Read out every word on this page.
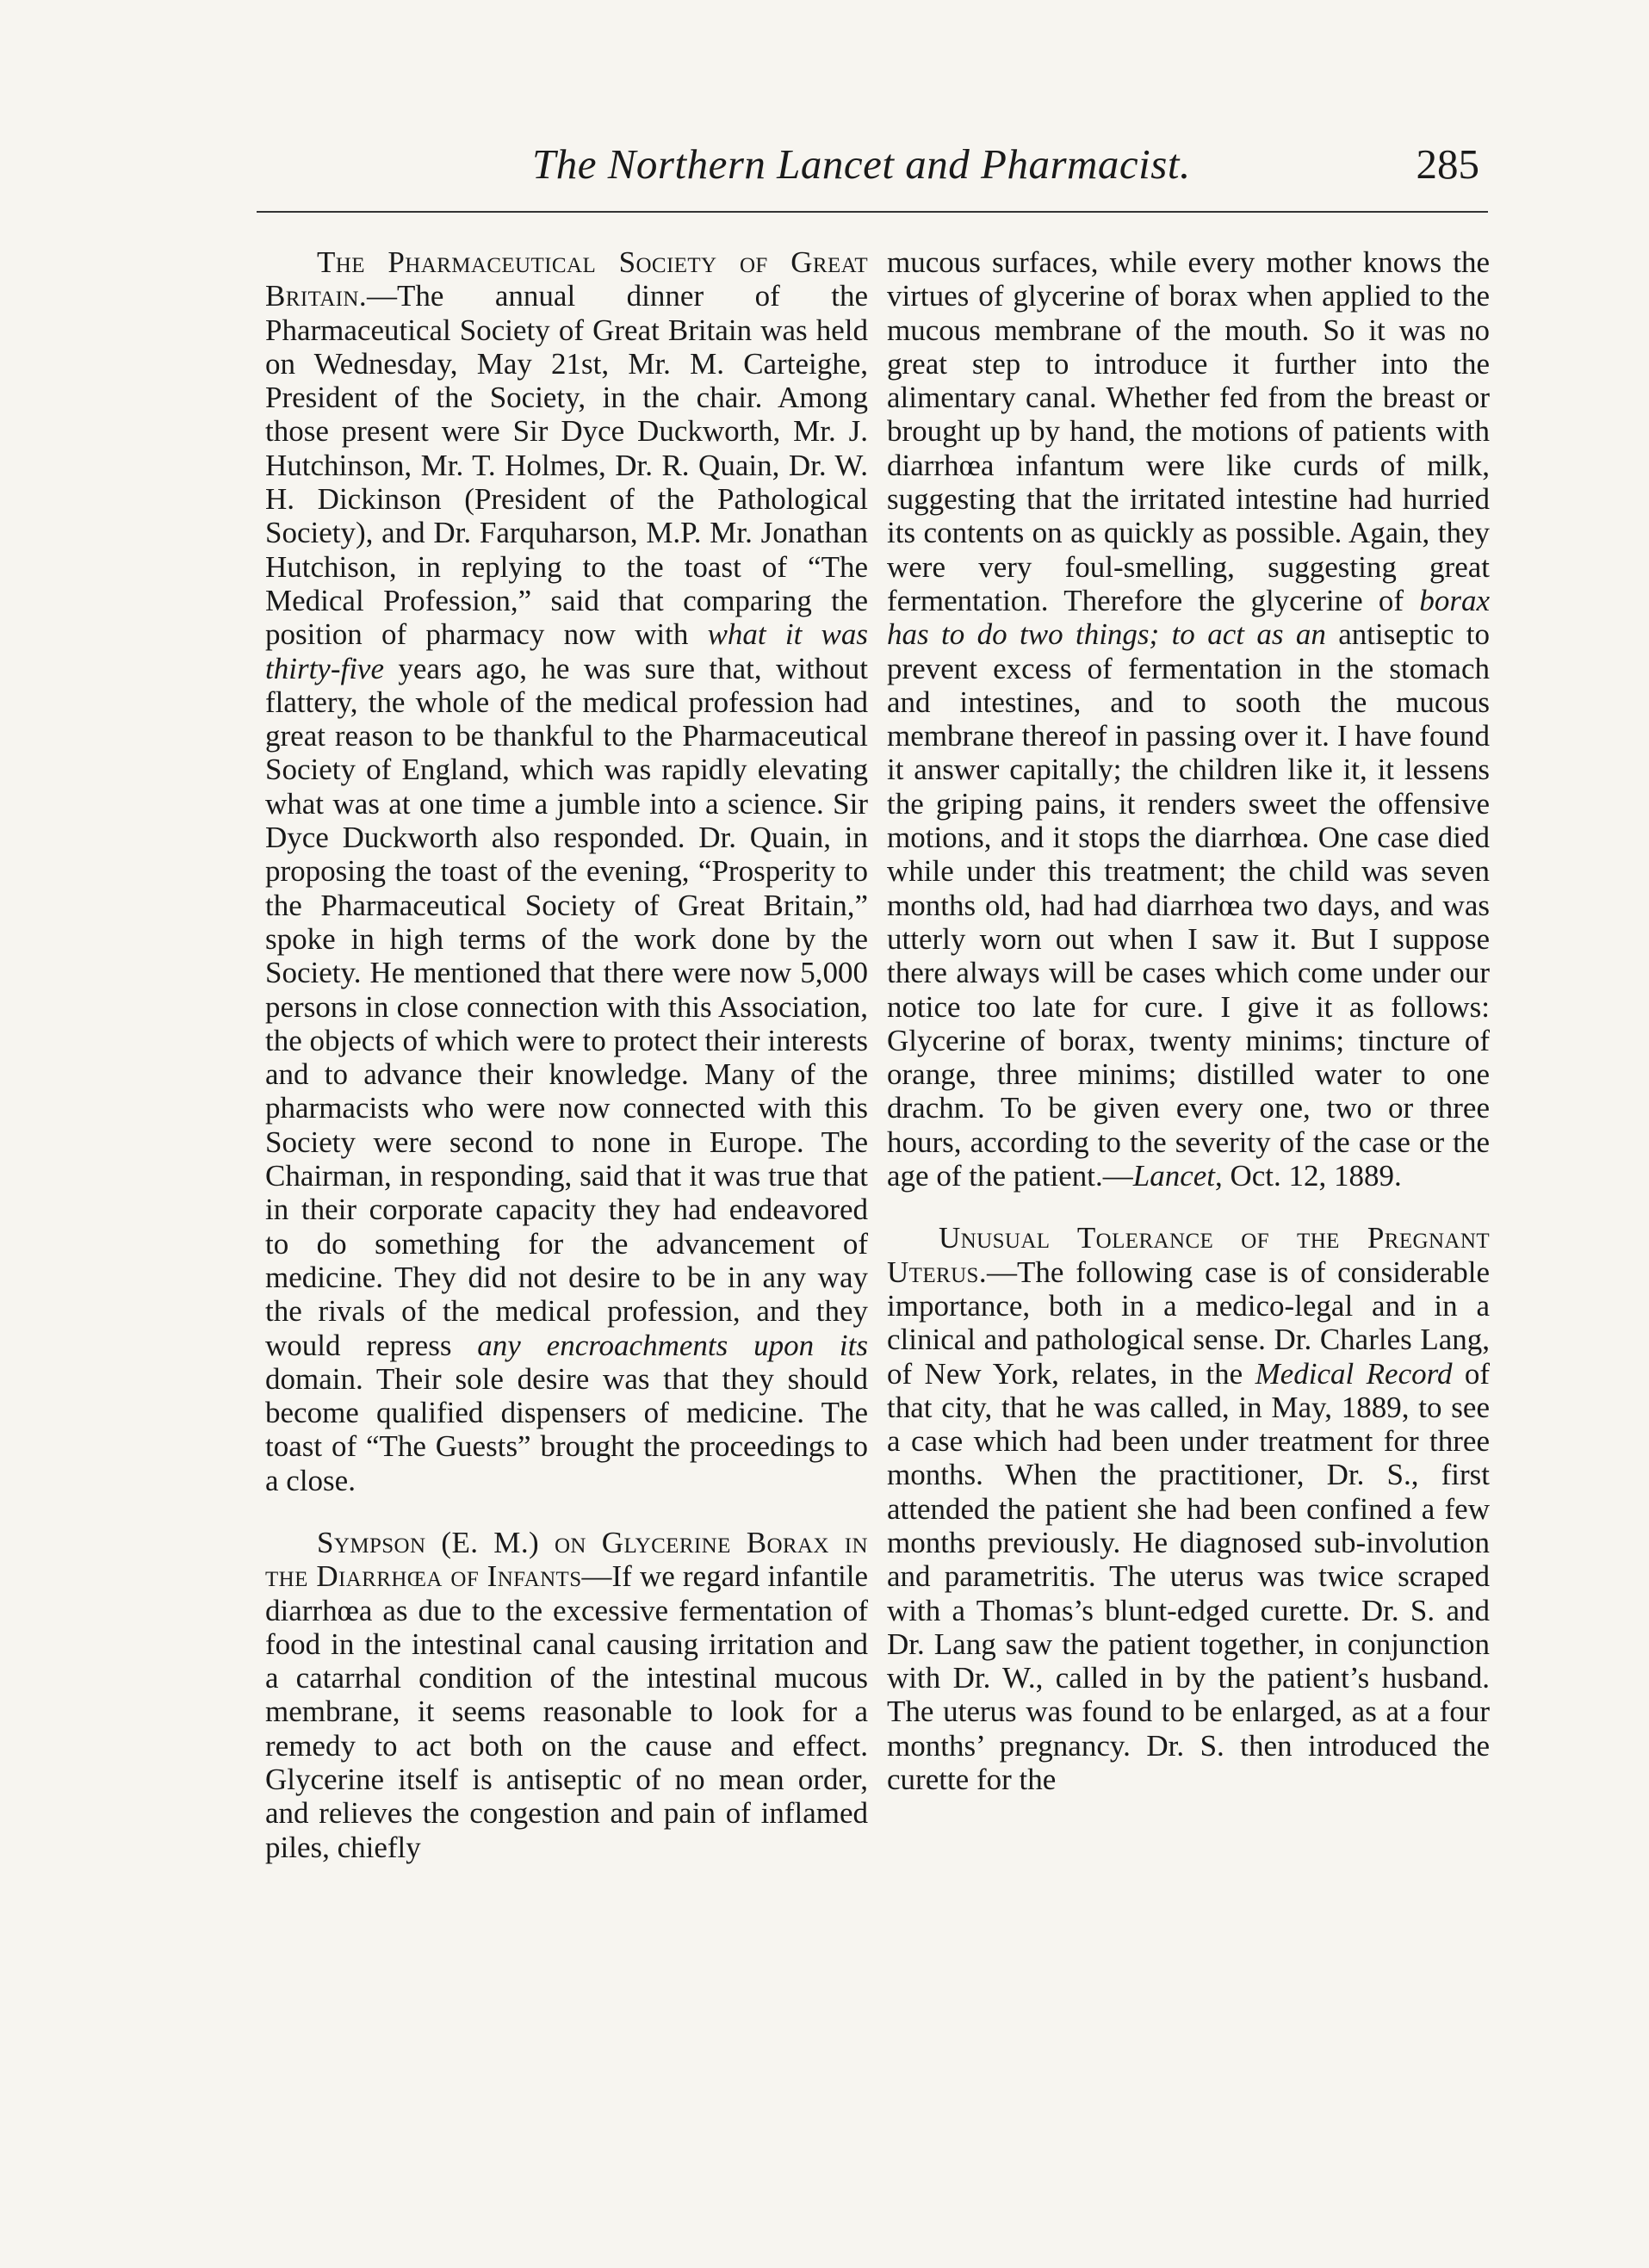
The Northern Lancet and Pharmacist.	285

The Pharmaceutical Society of Great Britain.—The annual dinner of the Pharmaceutical Society of Great Britain was held on Wednesday, May 21st, Mr. M. Carteighe, President of the Society, in the chair. Among those present were Sir Dyce Duckworth, Mr. J. Hutchinson, Mr. T. Holmes, Dr. R. Quain, Dr. W. H. Dickinson (President of the Pathological Society), and Dr. Farquharson, M.P. Mr. Jonathan Hutchison, in replying to the toast of “The Medical Profession,” said that comparing the position of pharmacy now with what it was thirty-five years ago, he was sure that, without flattery, the whole of the medical profession had great reason to be thankful to the Pharmaceutical Society of England, which was rapidly elevating what was at one time a jumble into a science. Sir Dyce Duckworth also responded. Dr. Quain, in proposing the toast of the evening, “Prosperity to the Pharmaceutical Society of Great Britain,” spoke in high terms of the work done by the Society. He mentioned that there were now 5,000 persons in close connection with this Association, the objects of which were to protect their interests and to advance their knowledge. Many of the pharmacists who were now connected with this Society were second to none in Europe. The Chairman, in responding, said that it was true that in their corporate capacity they had endeavored to do something for the advancement of medicine. They did not desire to be in any way the rivals of the medical profession, and they would repress any encroachments upon its domain. Their sole desire was that they should become qualified dispensers of medicine. The toast of “The Guests” brought the proceedings to a close.

Sympson (E. M.) on Glycerine Borax in the Diarrhœa of Infants—If we regard infantile diarrhœa as due to the excessive fermentation of food in the intestinal canal causing irritation and a catarrhal condition of the intestinal mucous membrane, it seems reasonable to look for a remedy to act both on the cause and effect. Glycerine itself is antiseptic of no mean order, and relieves the congestion and pain of inflamed piles, chiefly

mucous surfaces, while every mother knows the virtues of glycerine of borax when applied to the mucous membrane of the mouth. So it was no great step to introduce it further into the alimentary canal. Whether fed from the breast or brought up by hand, the motions of patients with diarrhœa infantum were like curds of milk, suggesting that the irritated intestine had hurried its contents on as quickly as possible. Again, they were very foul-smelling, suggesting great fermentation. Therefore the glycerine of borax has to do two things; to act as an antiseptic to prevent excess of fermentation in the stomach and intestines, and to sooth the mucous membrane thereof in passing over it. I have found it answer capitally; the children like it, it lessens the griping pains, it renders sweet the offensive motions, and it stops the diarrhœa. One case died while under this treatment; the child was seven months old, had had diarrhœa two days, and was utterly worn out when I saw it. But I suppose there always will be cases which come under our notice too late for cure. I give it as follows: Glycerine of borax, twenty minims; tincture of orange, three minims; distilled water to one drachm. To be given every one, two or three hours, according to the severity of the case or the age of the patient.—Lancet, Oct. 12, 1889.

Unusual Tolerance of the Pregnant Uterus.—The following case is of considerable importance, both in a medico-legal and in a clinical and pathological sense. Dr. Charles Lang, of New York, relates, in the Medical Record of that city, that he was called, in May, 1889, to see a case which had been under treatment for three months. When the practitioner, Dr. S., first attended the patient she had been confined a few months previously. He diagnosed sub-involution and parametritis. The uterus was twice scraped with a Thomas’s blunt-edged curette. Dr. S. and Dr. Lang saw the patient together, in conjunction with Dr. W., called in by the patient’s husband. The uterus was found to be enlarged, as at a four months’ pregnancy. Dr. S. then introduced the curette for the
